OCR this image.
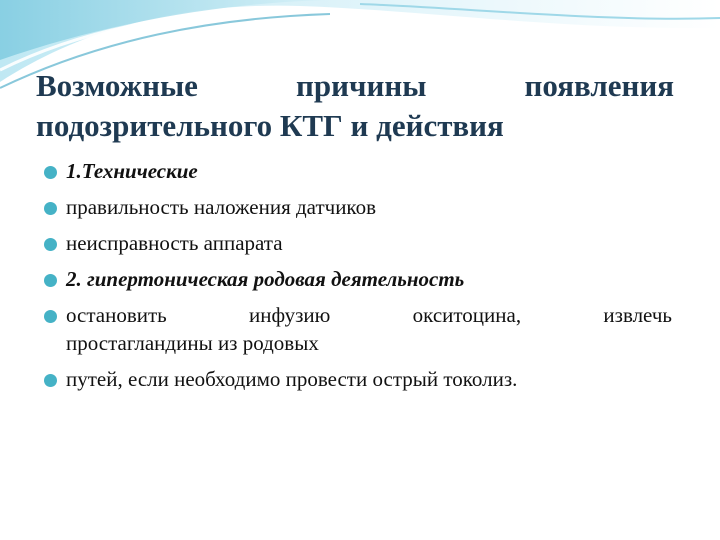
Возможные причины появления
подозрительного КТГ и действия
1.Технические
правильность наложения датчиков
неисправность аппарата
2. гипертоническая родовая деятельность
остановить инфузию окситоцина, извлечь
простагландины из родовых
путей, если необходимо провести острый токолиз.
